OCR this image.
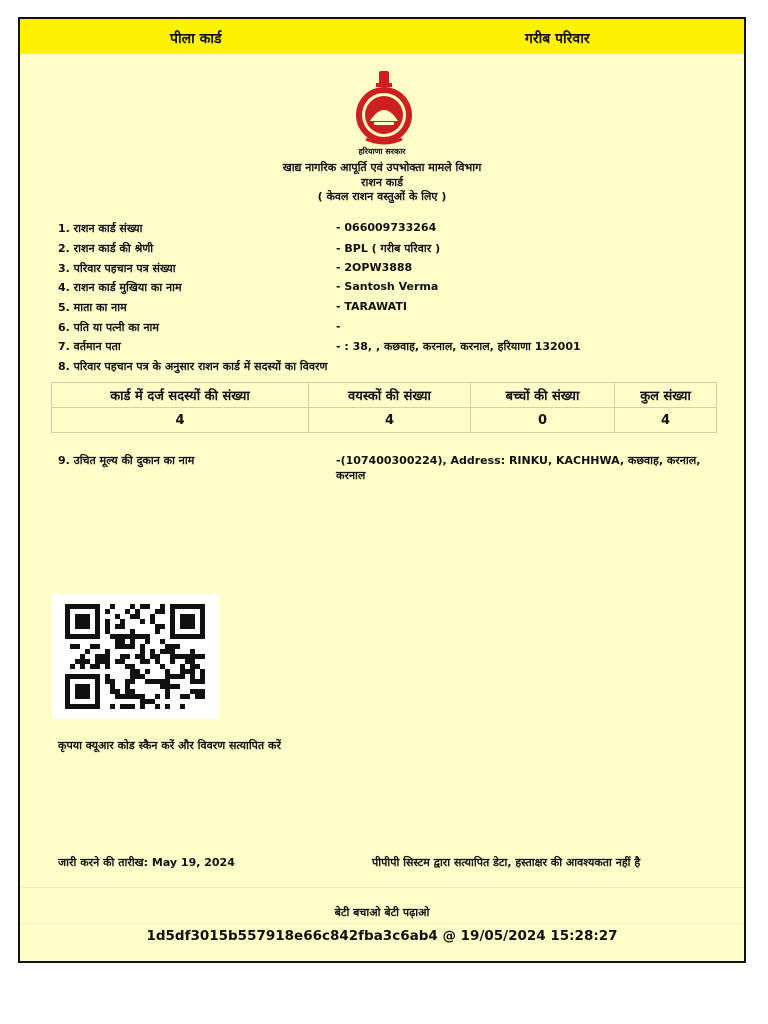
पीला कार्ड	गरीब परिवार
हरियाणा सरकार
खाद्य नागरिक आपूर्ति एवं उपभोक्ता मामले विभाग
राशन कार्ड
( केवल राशन वस्तुओं के लिए )
1. राशन कार्ड संख्या	- 066009733264
2. राशन कार्ड की श्रेणी	- BPL ( गरीब परिवार )
3. परिवार पहचान पत्र संख्या	- 2OPW3888
4. राशन कार्ड मुखिया का नाम	- Santosh Verma
5. माता का नाम	- TARAWATI
6. पति या पत्नी का नाम	-
7. वर्तमान पता	- : 38, , कछवाह, करनाल, करनाल, हरियाणा 132001
8. परिवार पहचान पत्र के अनुसार राशन कार्ड में सदस्यों का विवरण
कार्ड में दर्ज सदस्यों की संख्या	वयस्कों की संख्या	बच्चों की संख्या	कुल संख्या
4	4	0	4
9. उचित मूल्य की दुकान का नाम	-(107400300224), Address: RINKU, KACHHWA, कछवाह, करनाल,
करनाल
कृपया क्यूआर कोड स्कैन करें और विवरण सत्यापित करें
जारी करने की तारीख: May 19, 2024	पीपीपी सिस्टम द्वारा सत्यापित डेटा, हस्ताक्षर की आवश्यकता नहीं है
बेटी बचाओ बेटी पढ़ाओ
1d5df3015b557918e66c842fba3c6ab4 @ 19/05/2024 15:28:27
